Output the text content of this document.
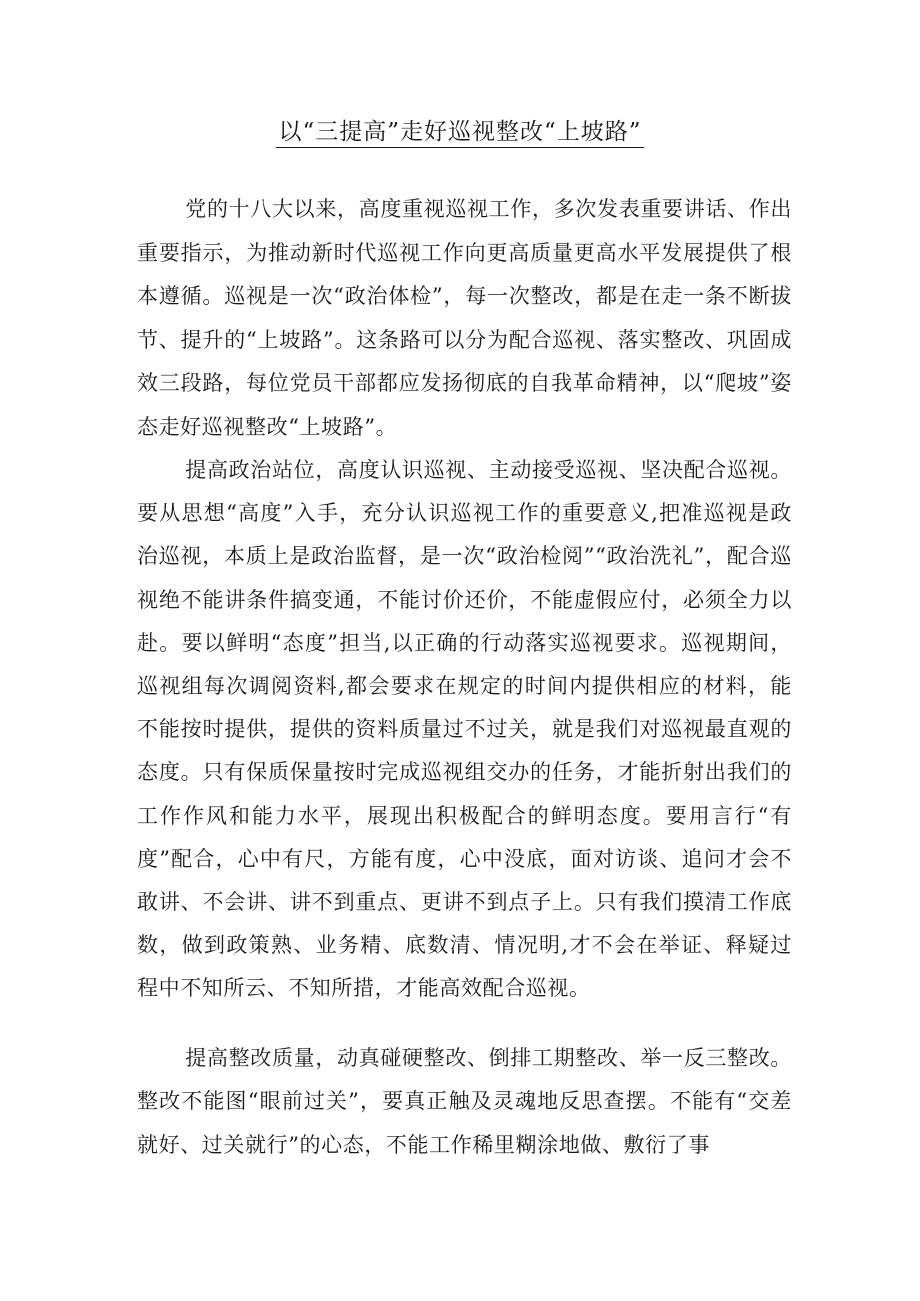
以“三提高”走好巡视整改“上坡路”

党的十八大以来，高度重视巡视工作，多次发表重要讲话、作出重要指示，为推动新时代巡视工作向更高质量更高水平发展提供了根本遵循。巡视是一次“政治体检”，每一次整改，都是在走一条不断拔节、提升的“上坡路”。这条路可以分为配合巡视、落实整改、巩固成效三段路，每位党员干部都应发扬彻底的自我革命精神，以“爬坡”姿态走好巡视整改“上坡路”。

提高政治站位，高度认识巡视、主动接受巡视、坚决配合巡视。要从思想“高度”入手，充分认识巡视工作的重要意义,把准巡视是政治巡视，本质上是政治监督，是一次“政治检阅”“政治洗礼”，配合巡视绝不能讲条件搞变通，不能讨价还价，不能虚假应付，必须全力以赴。要以鲜明“态度”担当,以正确的行动落实巡视要求。巡视期间，巡视组每次调阅资料,都会要求在规定的时间内提供相应的材料，能不能按时提供，提供的资料质量过不过关，就是我们对巡视最直观的态度。只有保质保量按时完成巡视组交办的任务，才能折射出我们的工作作风和能力水平，展现出积极配合的鲜明态度。要用言行“有度”配合，心中有尺，方能有度，心中没底，面对访谈、追问才会不敢讲、不会讲、讲不到重点、更讲不到点子上。只有我们摸清工作底数，做到政策熟、业务精、底数清、情况明,才不会在举证、释疑过程中不知所云、不知所措，才能高效配合巡视。

提高整改质量，动真碰硬整改、倒排工期整改、举一反三整改。整改不能图“眼前过关”，要真正触及灵魂地反思查摆。不能有“交差就好、过关就行”的心态，不能工作稀里糊涂地做、敷衍了事
